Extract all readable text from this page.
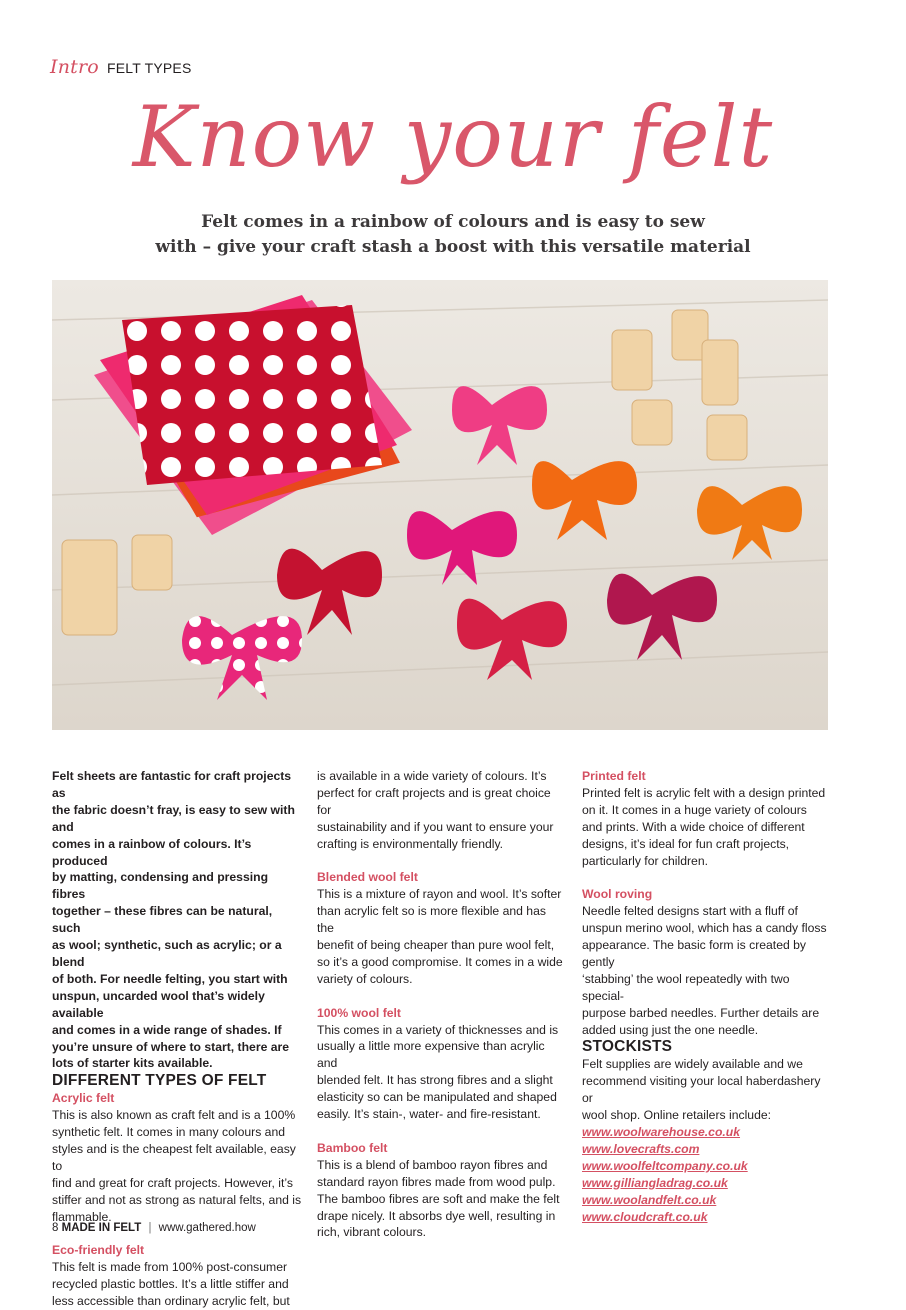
Intro FELT TYPES
Know your felt
Felt comes in a rainbow of colours and is easy to sew
with – give your craft stash a boost with this versatile material

Felt sheets are fantastic for craft projects as
the fabric doesn’t fray, is easy to sew with and
comes in a rainbow of colours. It’s produced
by matting, condensing and pressing fibres
together – these fibres can be natural, such
as wool; synthetic, such as acrylic; or a blend
of both. For needle felting, you start with
unspun, uncarded wool that’s widely available
and comes in a wide range of shades. If
you’re unsure of where to start, there are
lots of starter kits available.

DIFFERENT TYPES OF FELT

Acrylic felt

This is also known as craft felt and is a 100%
synthetic felt. It comes in many colours and
styles and is the cheapest felt available, easy to
find and great for craft projects. However, it’s
stiffer and not as strong as natural felts, and is
flammable.

Eco-friendly felt

This felt is made from 100% post-consumer
recycled plastic bottles. It’s a little stiffer and
less accessible than ordinary acrylic felt, but

is available in a wide variety of colours. It’s
perfect for craft projects and is great choice for
sustainability and if you want to ensure your
crafting is environmentally friendly.

Blended wool felt

This is a mixture of rayon and wool. It’s softer
than acrylic felt so is more flexible and has the
benefit of being cheaper than pure wool felt,
so it’s a good compromise. It comes in a wide
variety of colours.

100% wool felt

This comes in a variety of thicknesses and is
usually a little more expensive than acrylic and
blended felt. It has strong fibres and a slight
elasticity so can be manipulated and shaped
easily. It’s stain-, water- and fire-resistant.

Bamboo felt

This is a blend of bamboo rayon fibres and
standard rayon fibres made from wood pulp.
The bamboo fibres are soft and make the felt
drape nicely. It absorbs dye well, resulting in
rich, vibrant colours.

Printed felt

Printed felt is acrylic felt with a design printed
on it. It comes in a huge variety of colours
and prints. With a wide choice of different
designs, it’s ideal for fun craft projects,
particularly for children.

Wool roving

Needle felted designs start with a fluff of
unspun merino wool, which has a candy floss
appearance. The basic form is created by gently
‘stabbing’ the wool repeatedly with two special-
purpose barbed needles. Further details are
added using just the one needle.

STOCKISTS

Felt supplies are widely available and we
recommend visiting your local haberdashery or
wool shop. Online retailers include:

www.woolwarehouse.co.uk
www.lovecrafts.com
www.woolfeltcompany.co.uk
www.gilliangladrag.co.uk
www.woolandfelt.co.uk
www.cloudcraft.co.uk
8 MADE IN FELT | www.gathered.how
